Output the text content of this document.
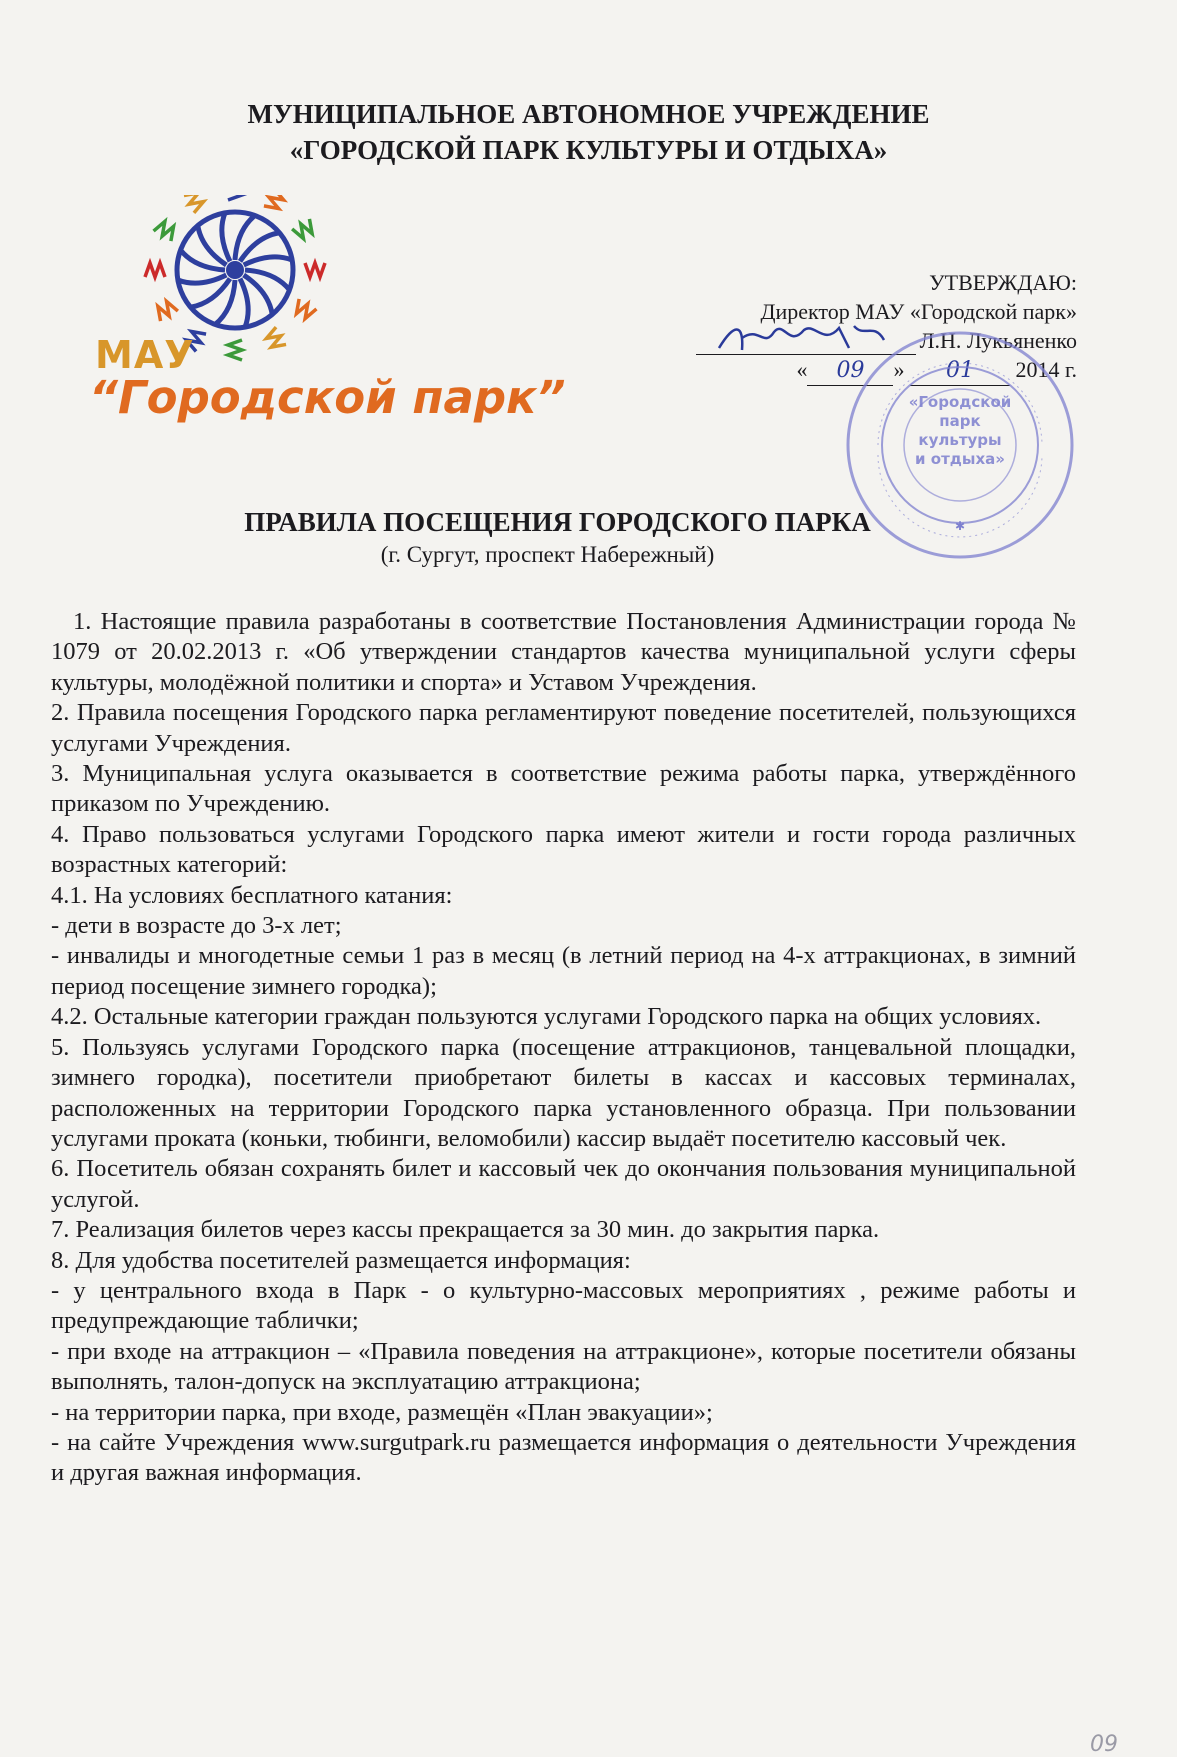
МУНИЦИПАЛЬНОЕ АВТОНОМНОЕ УЧРЕЖДЕНИЕ
«ГОРОДСКОЙ ПАРК КУЛЬТУРЫ И ОТДЫХА»
МАУ
“Городской парк”
УТВЕРЖДАЮ:
Директор МАУ «Городской парк»
Л.Н. Лукьяненко
« 09 » 01 2014 г.
✱
«Городской
парк
культуры
и отдыха»
ПРАВИЛА ПОСЕЩЕНИЯ ГОРОДСКОГО ПАРКА
(г. Сургут, проспект Набережный)

1. Настоящие правила разработаны в соответствие Постановления Администрации города № 1079 от 20.02.2013 г. «Об утверждении стандартов качества муниципальной услуги сферы культуры, молодёжной политики и спорта» и Уставом Учреждения.

2. Правила посещения Городского парка регламентируют поведение посетителей, пользующихся услугами Учреждения.

3. Муниципальная услуга оказывается в соответствие режима работы парка, утверждённого приказом по Учреждению.

4. Право пользоваться услугами Городского парка имеют жители и гости города различных возрастных категорий:

4.1. На условиях бесплатного катания:

- дети в возрасте до 3-х лет;

- инвалиды и многодетные семьи 1 раз в месяц (в летний период на 4-х аттракционах, в зимний период посещение зимнего городка);

4.2. Остальные категории граждан пользуются услугами Городского парка на общих условиях.

5. Пользуясь услугами Городского парка (посещение аттракционов, танцевальной площадки, зимнего городка), посетители приобретают билеты в кассах и кассовых терминалах, расположенных на территории Городского парка установленного образца. При пользовании услугами проката (коньки, тюбинги, веломобили) кассир выдаёт посетителю кассовый чек.

6. Посетитель обязан сохранять билет и кассовый чек до окончания пользования муниципальной услугой.

7. Реализация билетов через кассы прекращается за 30 мин. до закрытия парка.

8. Для удобства посетителей размещается информация:

- у центрального входа в Парк - о культурно-массовых мероприятиях , режиме работы и предупреждающие таблички;

- при входе на аттракцион – «Правила поведения на аттракционе», которые посетители обязаны выполнять, талон-допуск на эксплуатацию аттракциона;

- на территории парка, при входе, размещён «План эвакуации»;

- на сайте Учреждения www.surgutpark.ru размещается информация о деятельности Учреждения и другая важная информация.

09
